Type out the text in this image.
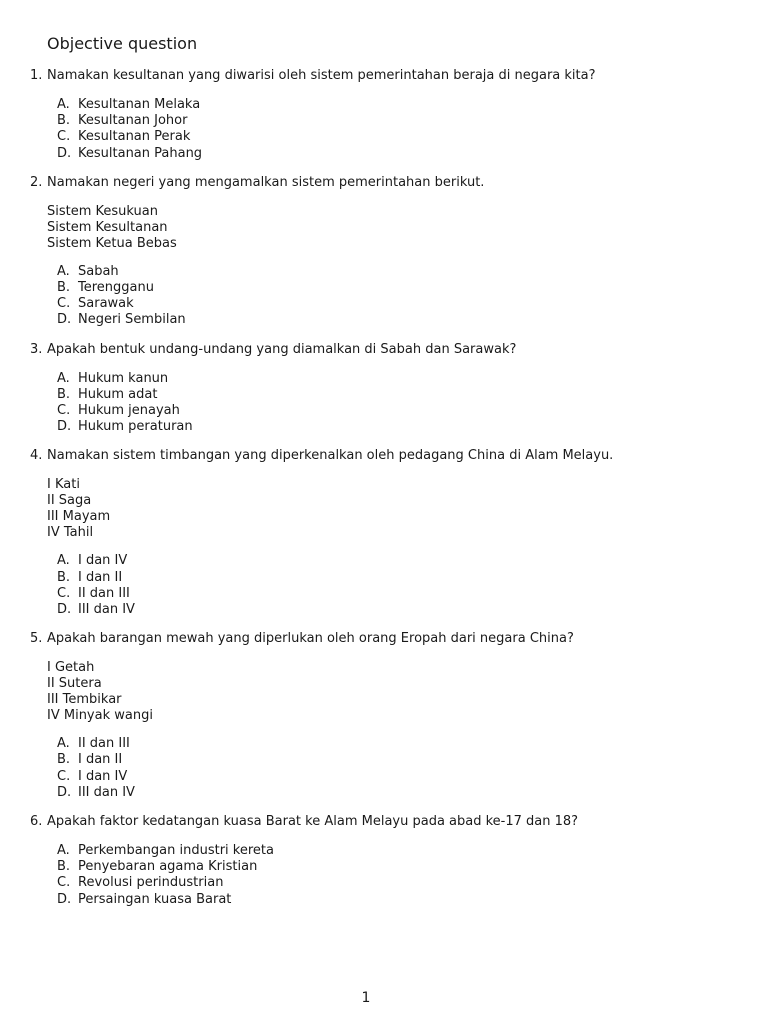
Objective question
1. Namakan kesultanan yang diwarisi oleh sistem pemerintahan beraja di negara kita?
A. Kesultanan Melaka
B. Kesultanan Johor
C. Kesultanan Perak
D. Kesultanan Pahang
2. Namakan negeri yang mengamalkan sistem pemerintahan berikut.
Sistem Kesukuan
Sistem Kesultanan
Sistem Ketua Bebas
A. Sabah
B. Terengganu
C. Sarawak
D. Negeri Sembilan
3. Apakah bentuk undang-undang yang diamalkan di Sabah dan Sarawak?
A. Hukum kanun
B. Hukum adat
C. Hukum jenayah
D. Hukum peraturan
4. Namakan sistem timbangan yang diperkenalkan oleh pedagang China di Alam Melayu.
I Kati
II Saga
III Mayam
IV Tahil
A. I dan IV
B. I dan II
C. II dan III
D. III dan IV
5. Apakah barangan mewah yang diperlukan oleh orang Eropah dari negara China?
I Getah
II Sutera
III Tembikar
IV Minyak wangi
A. II dan III
B. I dan II
C. I dan IV
D. III dan IV
6. Apakah faktor kedatangan kuasa Barat ke Alam Melayu pada abad ke-17 dan 18?
A. Perkembangan industri kereta
B. Penyebaran agama Kristian
C. Revolusi perindustrian
D. Persaingan kuasa Barat
1
